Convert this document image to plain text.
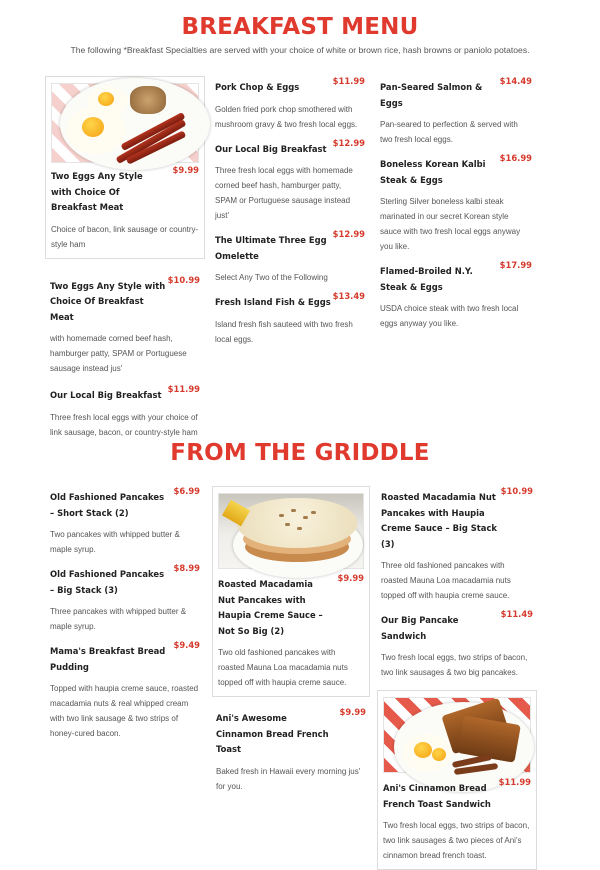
BREAKFAST MENU
The following *Breakfast Specialties are served with your choice of white or brown rice, hash browns or paniolo potatoes.
Two Eggs Any Style with Choice Of Breakfast Meat
$9.99
Choice of bacon, link sausage or country-style ham
Two Eggs Any Style with Choice Of Breakfast Meat
$10.99
with homemade corned beef hash, hamburger patty, SPAM or Portuguese sausage instead jus'
Our Local Big Breakfast
$11.99
Three fresh local eggs with your choice of link sausage, bacon, or country-style ham
Pork Chop & Eggs
$11.99
Golden fried pork chop smothered with mushroom gravy & two fresh local eggs.
Our Local Big Breakfast
$12.99
Three fresh local eggs with homemade corned beef hash, hamburger patty, SPAM or Portuguese sausage instead just'
The Ultimate Three Egg Omelette
$12.99
Select Any Two of the Following
Fresh Island Fish & Eggs
$13.49
Island fresh fish sauteed with two fresh local eggs.
Pan-Seared Salmon & Eggs
$14.49
Pan-seared to perfection & served with two fresh local eggs.
Boneless Korean Kalbi Steak & Eggs
$16.99
Sterling Silver boneless kalbi steak marinated in our secret Korean style sauce with two fresh local eggs anyway you like.
Flamed-Broiled N.Y. Steak & Eggs
$17.99
USDA choice steak with two fresh local eggs anyway you like.
FROM THE GRIDDLE
Old Fashioned Pancakes – Short Stack (2)
$6.99
Two pancakes with whipped butter & maple syrup.
Old Fashioned Pancakes – Big Stack (3)
$8.99
Three pancakes with whipped butter & maple syrup.
Mama's Breakfast Bread Pudding
$9.49
Topped with haupia creme sauce, roasted macadamia nuts & real whipped cream with two link sausage & two strips of honey-cured bacon.
Roasted Macadamia Nut Pancakes with Haupia Creme Sauce – Not So Big (2)
$9.99
Two old fashioned pancakes with roasted Mauna Loa macadamia nuts topped off with haupia creme sauce.
Ani's Awesome Cinnamon Bread French Toast
$9.99
Baked fresh in Hawaii every morning jus' for you.
Roasted Macadamia Nut Pancakes with Haupia Creme Sauce – Big Stack (3)
$10.99
Three old fashioned pancakes with roasted Mauna Loa macadamia nuts topped off with haupia creme sauce.
Our Big Pancake Sandwich
$11.49
Two fresh local eggs, two strips of bacon, two link sausages & two big pancakes.
Ani's Cinnamon Bread French Toast Sandwich
$11.99
Two fresh local eggs, two strips of bacon, two link sausages & two pieces of Ani's cinnamon bread french toast.
